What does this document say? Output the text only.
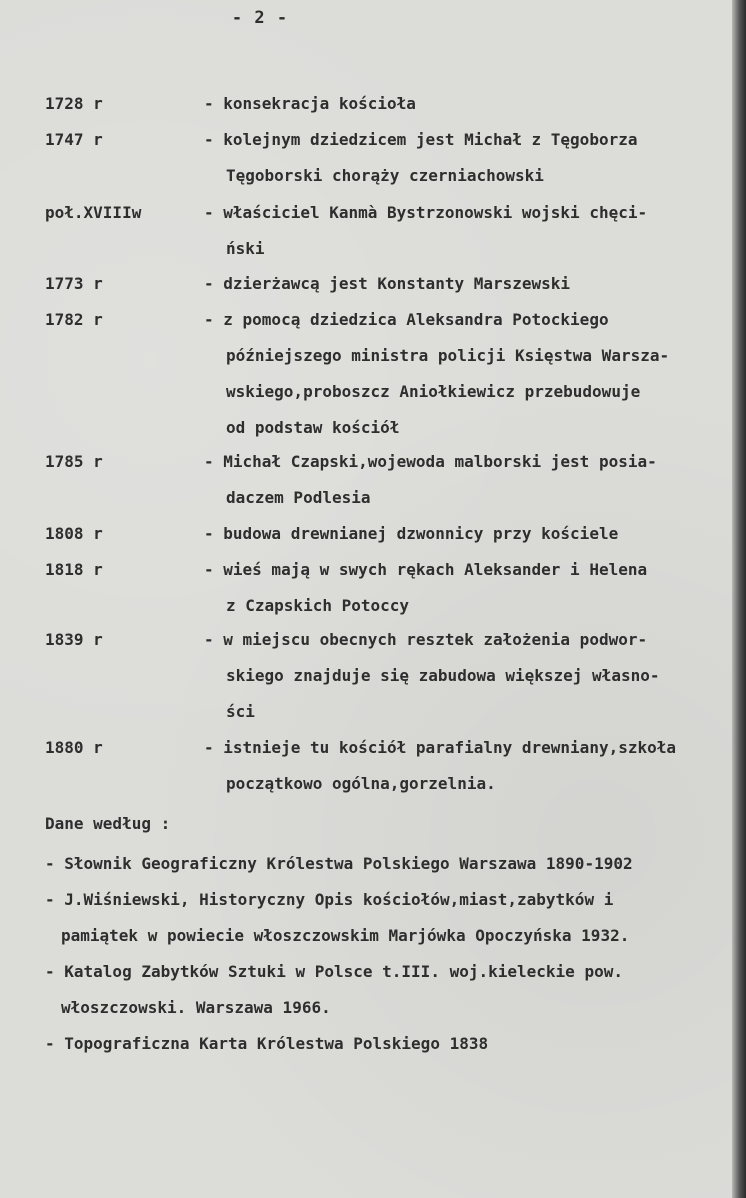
- 2 -
1728 r	- konsekracja kościoła
1747 r	- kolejnym dziedzicem jest Michał z Tęgoborza
Tęgoborski chorąży czerniachowski
poł.XVIIIw	- właściciel Kanmà Bystrzonowski wojski chęci-
ński
1773 r	- dzierżawcą jest Konstanty Marszewski
1782 r	- z pomocą dziedzica Aleksandra Potockiego
późniejszego ministra policji Księstwa Warsza-
wskiego,proboszcz Aniołkiewicz przebudowuje
od podstaw kościół
1785 r	- Michał Czapski,wojewoda malborski jest posia-
daczem Podlesia
1808 r	- budowa drewnianej dzwonnicy przy kościele
1818 r	- wieś mają w swych rękach Aleksander i Helena
z Czapskich Potoccy
1839 r	- w miejscu obecnych resztek założenia podwor-
skiego znajduje się zabudowa większej własno-
ści
1880 r	- istnieje tu kościół parafialny drewniany,szkoła
początkowo ogólna,gorzelnia.
Dane według :
- Słownik Geograficzny Królestwa Polskiego Warszawa 1890-1902
- J.Wiśniewski, Historyczny Opis kościołów,miast,zabytków i
pamiątek w powiecie włoszczowskim Marjówka Opoczyńska 1932.
- Katalog Zabytków Sztuki w Polsce t.III. woj.kieleckie pow.
włoszczowski. Warszawa 1966.
- Topograficzna Karta Królestwa Polskiego 1838
